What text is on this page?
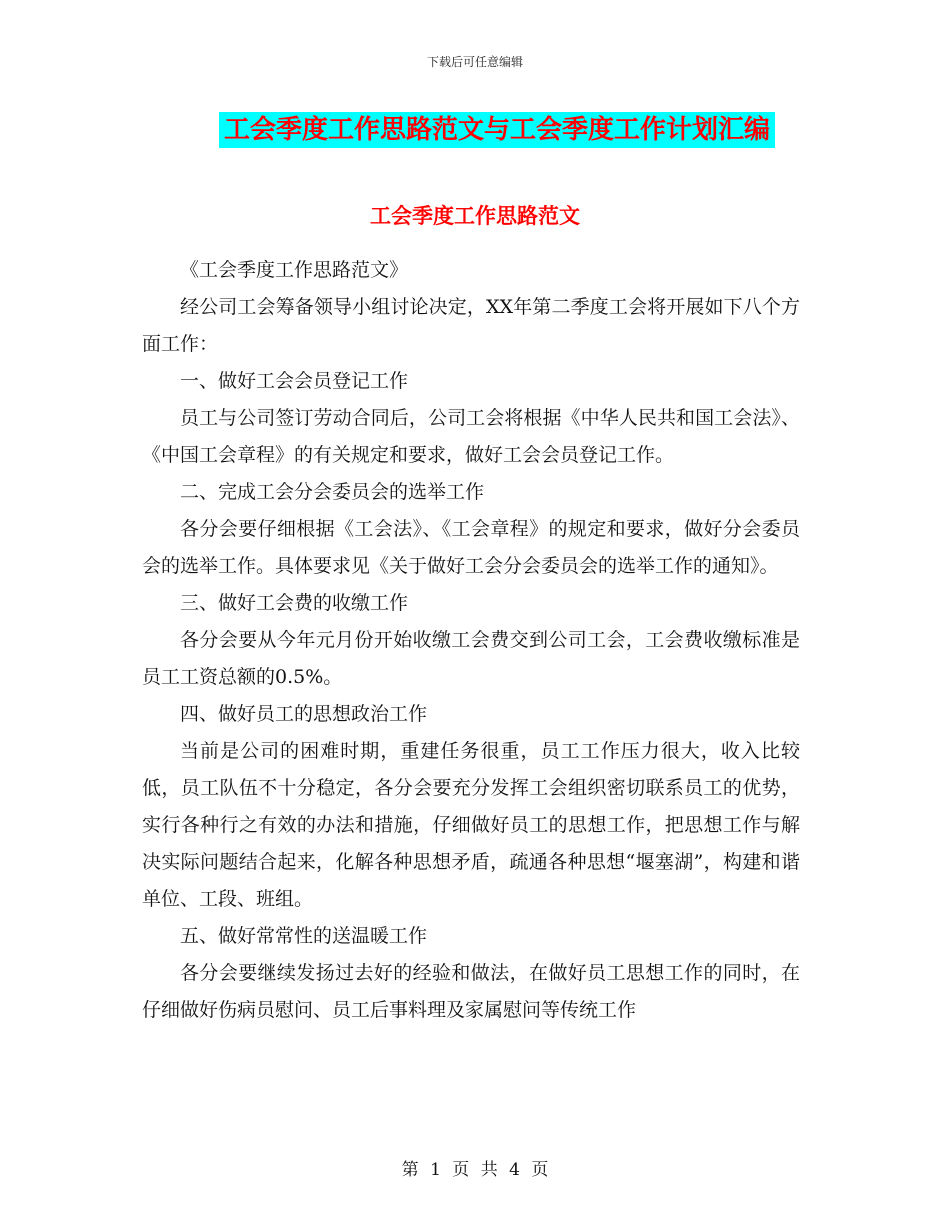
下载后可任意编辑
工会季度工作思路范文与工会季度工作计划汇编
工会季度工作思路范文

《工会季度工作思路范文》

经公司工会筹备领导小组讨论决定，XX年第二季度工会将开展如下八个方面工作：

一、做好工会会员登记工作

员工与公司签订劳动合同后，公司工会将根据《中华人民共和国工会法》、《中国工会章程》的有关规定和要求，做好工会会员登记工作。

二、完成工会分会委员会的选举工作

各分会要仔细根据《工会法》、《工会章程》的规定和要求，做好分会委员会的选举工作。具体要求见《关于做好工会分会委员会的选举工作的通知》。

三、做好工会费的收缴工作

各分会要从今年元月份开始收缴工会费交到公司工会，工会费收缴标准是员工工资总额的0.5%。

四、做好员工的思想政治工作

当前是公司的困难时期，重建任务很重，员工工作压力很大，收入比较低，员工队伍不十分稳定，各分会要充分发挥工会组织密切联系员工的优势，实行各种行之有效的办法和措施，仔细做好员工的思想工作，把思想工作与解决实际问题结合起来，化解各种思想矛盾，疏通各种思想“堰塞湖”，构建和谐单位、工段、班组。

五、做好常常性的送温暖工作

各分会要继续发扬过去好的经验和做法，在做好员工思想工作的同时，在仔细做好伤病员慰问、员工后事料理及家属慰问等传统工作

第 1 页 共 4 页
